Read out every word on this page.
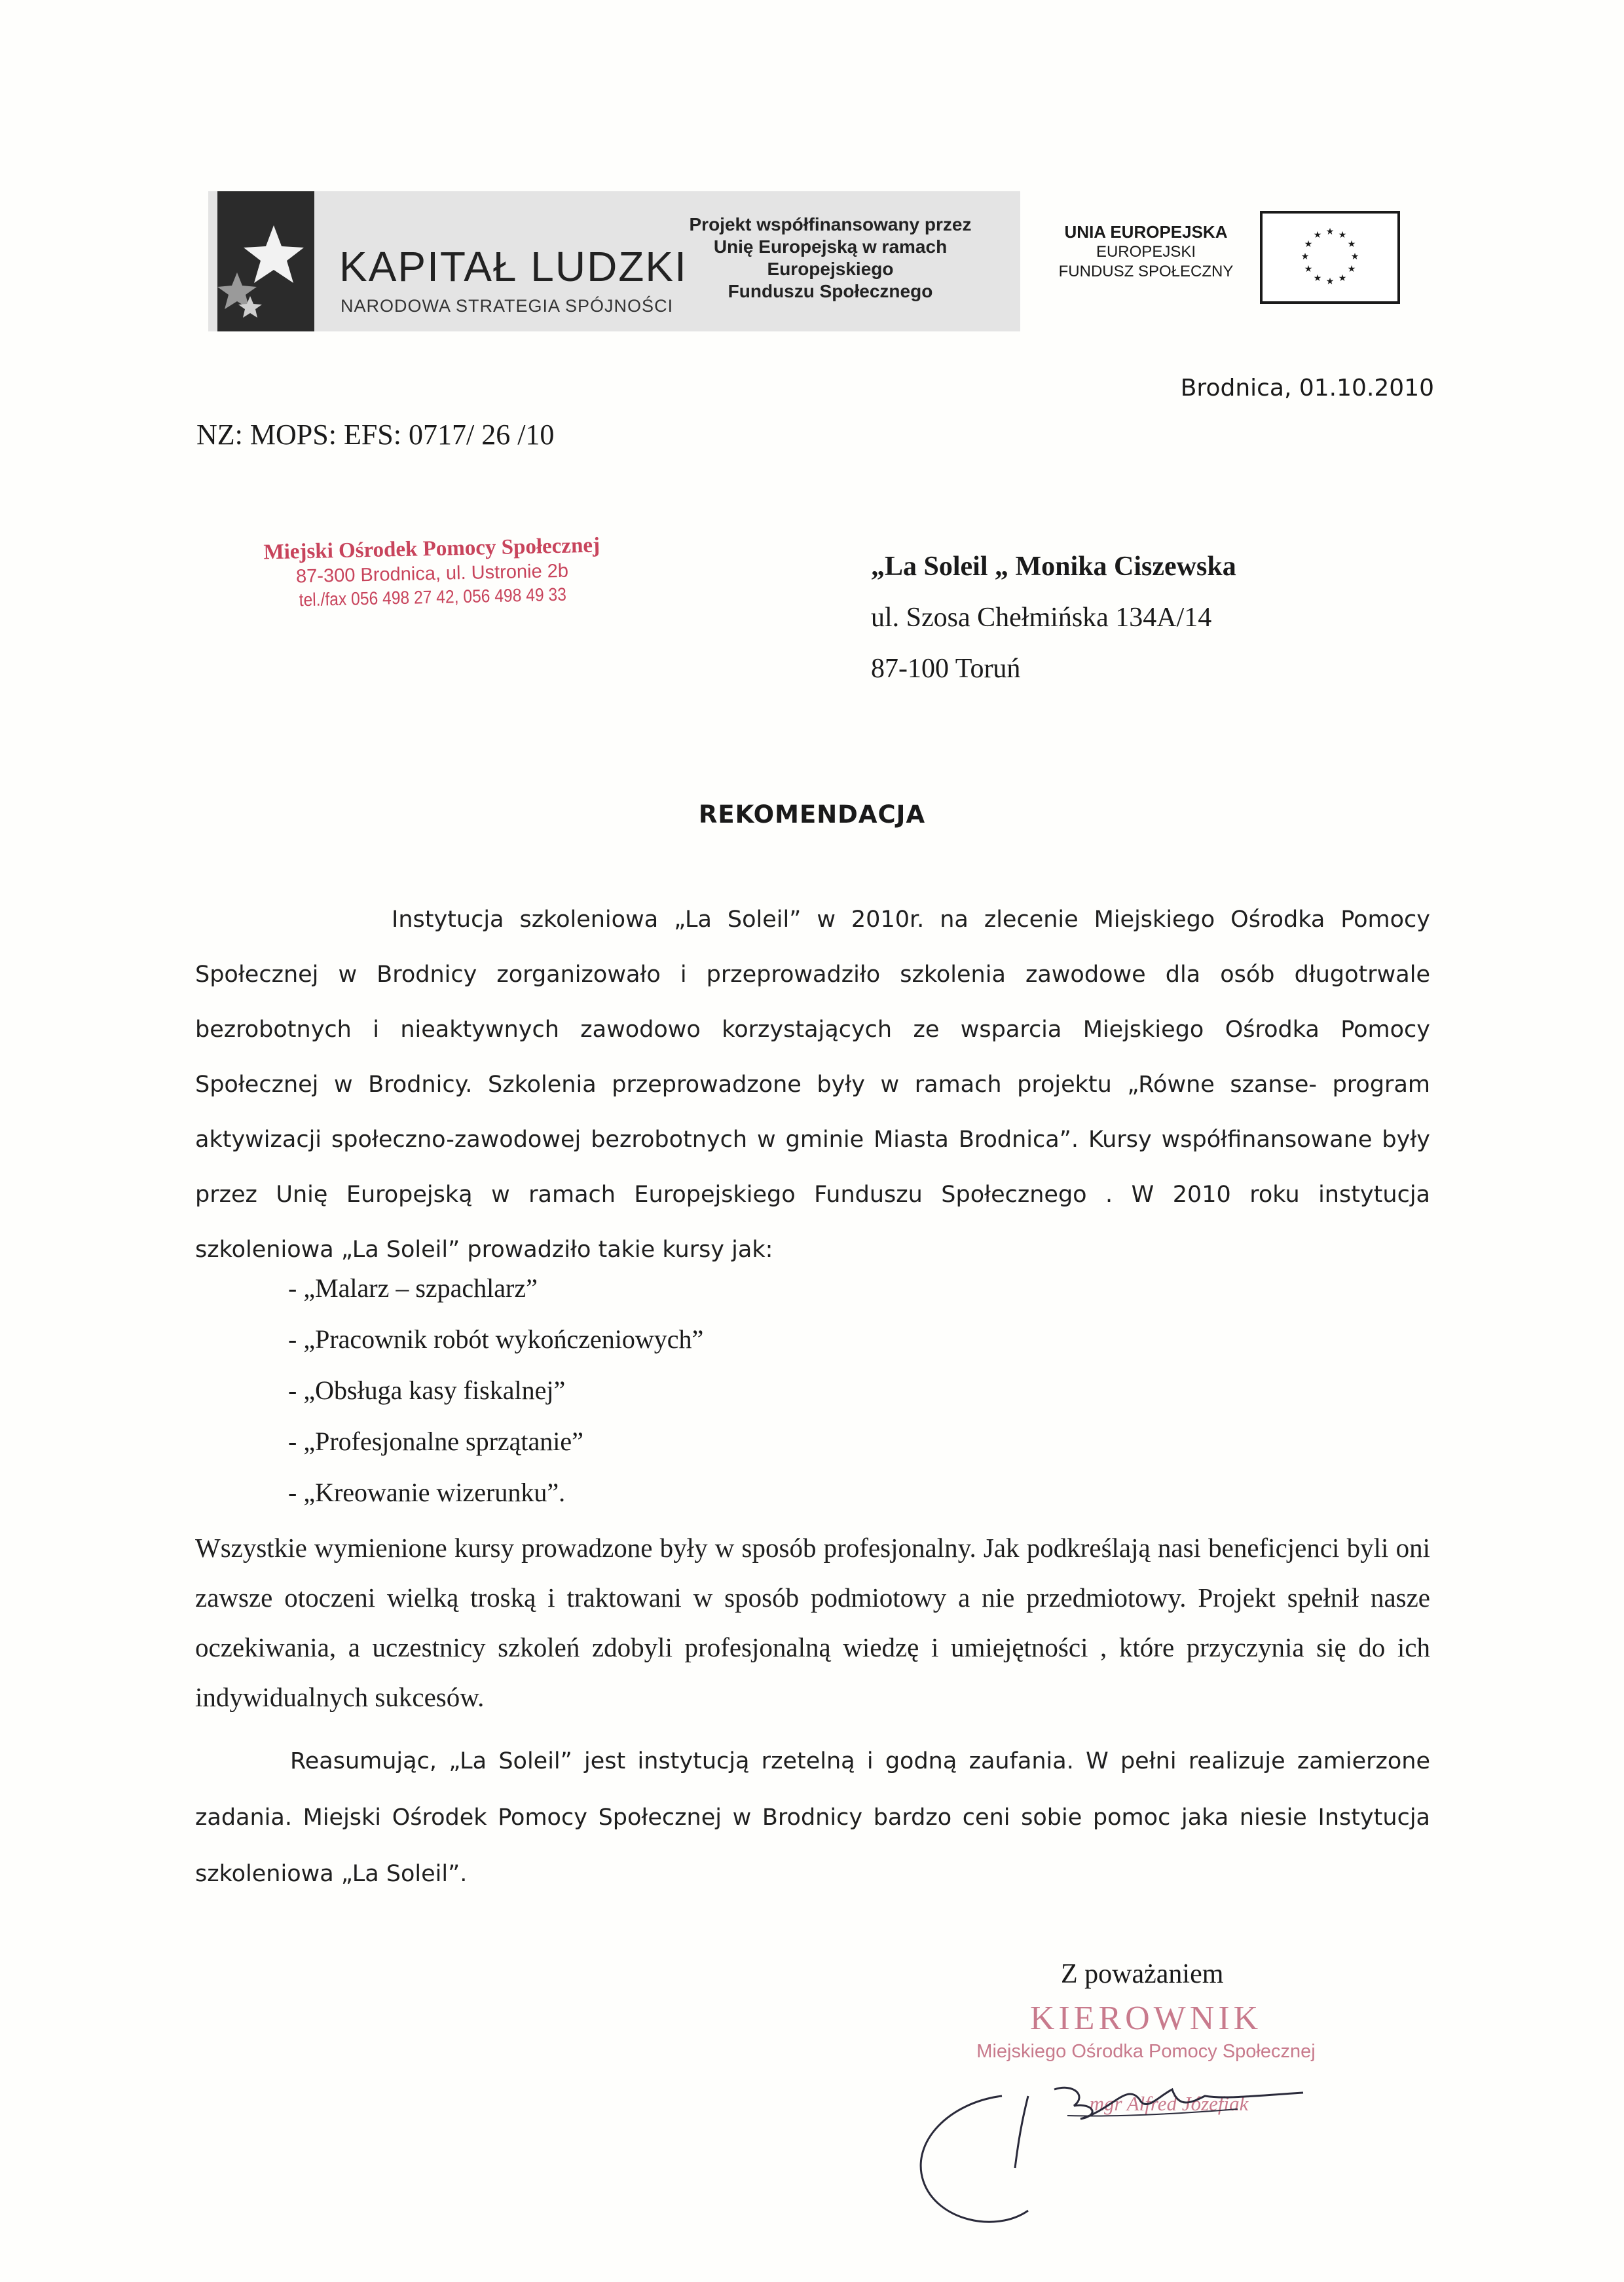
KAPITAŁ LUDZKI
NARODOWA STRATEGIA SPÓJNOŚCI
Projekt współfinansowany przez
Unię Europejską w ramach
Europejskiego
Funduszu Społecznego
UNIA EUROPEJSKA
EUROPEJSKI
FUNDUSZ SPOŁECZNY
★ ★
★
★
★
★
★
★
★
★
★
★
Brodnica, 01.10.2010
NZ: MOPS: EFS: 0717/ 26 /10
Miejski Ośrodek Pomocy Społecznej
87-300 Brodnica, ul. Ustronie 2b
tel./fax 056 498 27 42, 056 498 49 33
„La Soleil „ Monika Ciszewska
ul. Szosa Chełmińska 134A/14
87-100 Toruń
REKOMENDACJA

Instytucja szkoleniowa „La Soleil” w 2010r. na zlecenie Miejskiego Ośrodka Pomocy Społecznej w Brodnicy zorganizowało i przeprowadziło szkolenia zawodowe dla osób długotrwale bezrobotnych i nieaktywnych zawodowo korzystających ze wsparcia Miejskiego Ośrodka Pomocy Społecznej w Brodnicy. Szkolenia przeprowadzone były w ramach projektu „Równe szanse- program aktywizacji społeczno-zawodowej bezrobotnych w gminie Miasta Brodnica”. Kursy współfinansowane były przez Unię Europejską w ramach Europejskiego Funduszu Społecznego . W 2010 roku instytucja szkoleniowa „La Soleil” prowadziło takie kursy jak:

- „Malarz – szpachlarz”
- „Pracownik robót wykończeniowych”
- „Obsługa kasy fiskalnej”
- „Profesjonalne sprzątanie”
- „Kreowanie wizerunku”.

Wszystkie wymienione kursy prowadzone były w sposób profesjonalny. Jak podkreślają nasi beneficjenci byli oni zawsze otoczeni wielką troską i traktowani w sposób podmiotowy a nie przedmiotowy. Projekt spełnił nasze oczekiwania, a uczestnicy szkoleń zdobyli profesjonalną wiedzę i umiejętności , które przyczynia się do ich indywidualnych sukcesów.

Reasumując, „La Soleil” jest instytucją rzetelną i godną zaufania. W pełni realizuje zamierzone zadania. Miejski Ośrodek Pomocy Społecznej w Brodnicy bardzo ceni sobie pomoc jaka niesie Instytucja szkoleniowa „La Soleil”.

Z poważaniem
KIEROWNIK
Miejskiego Ośrodka Pomocy Społecznej
mgr Alfred Józefiak
